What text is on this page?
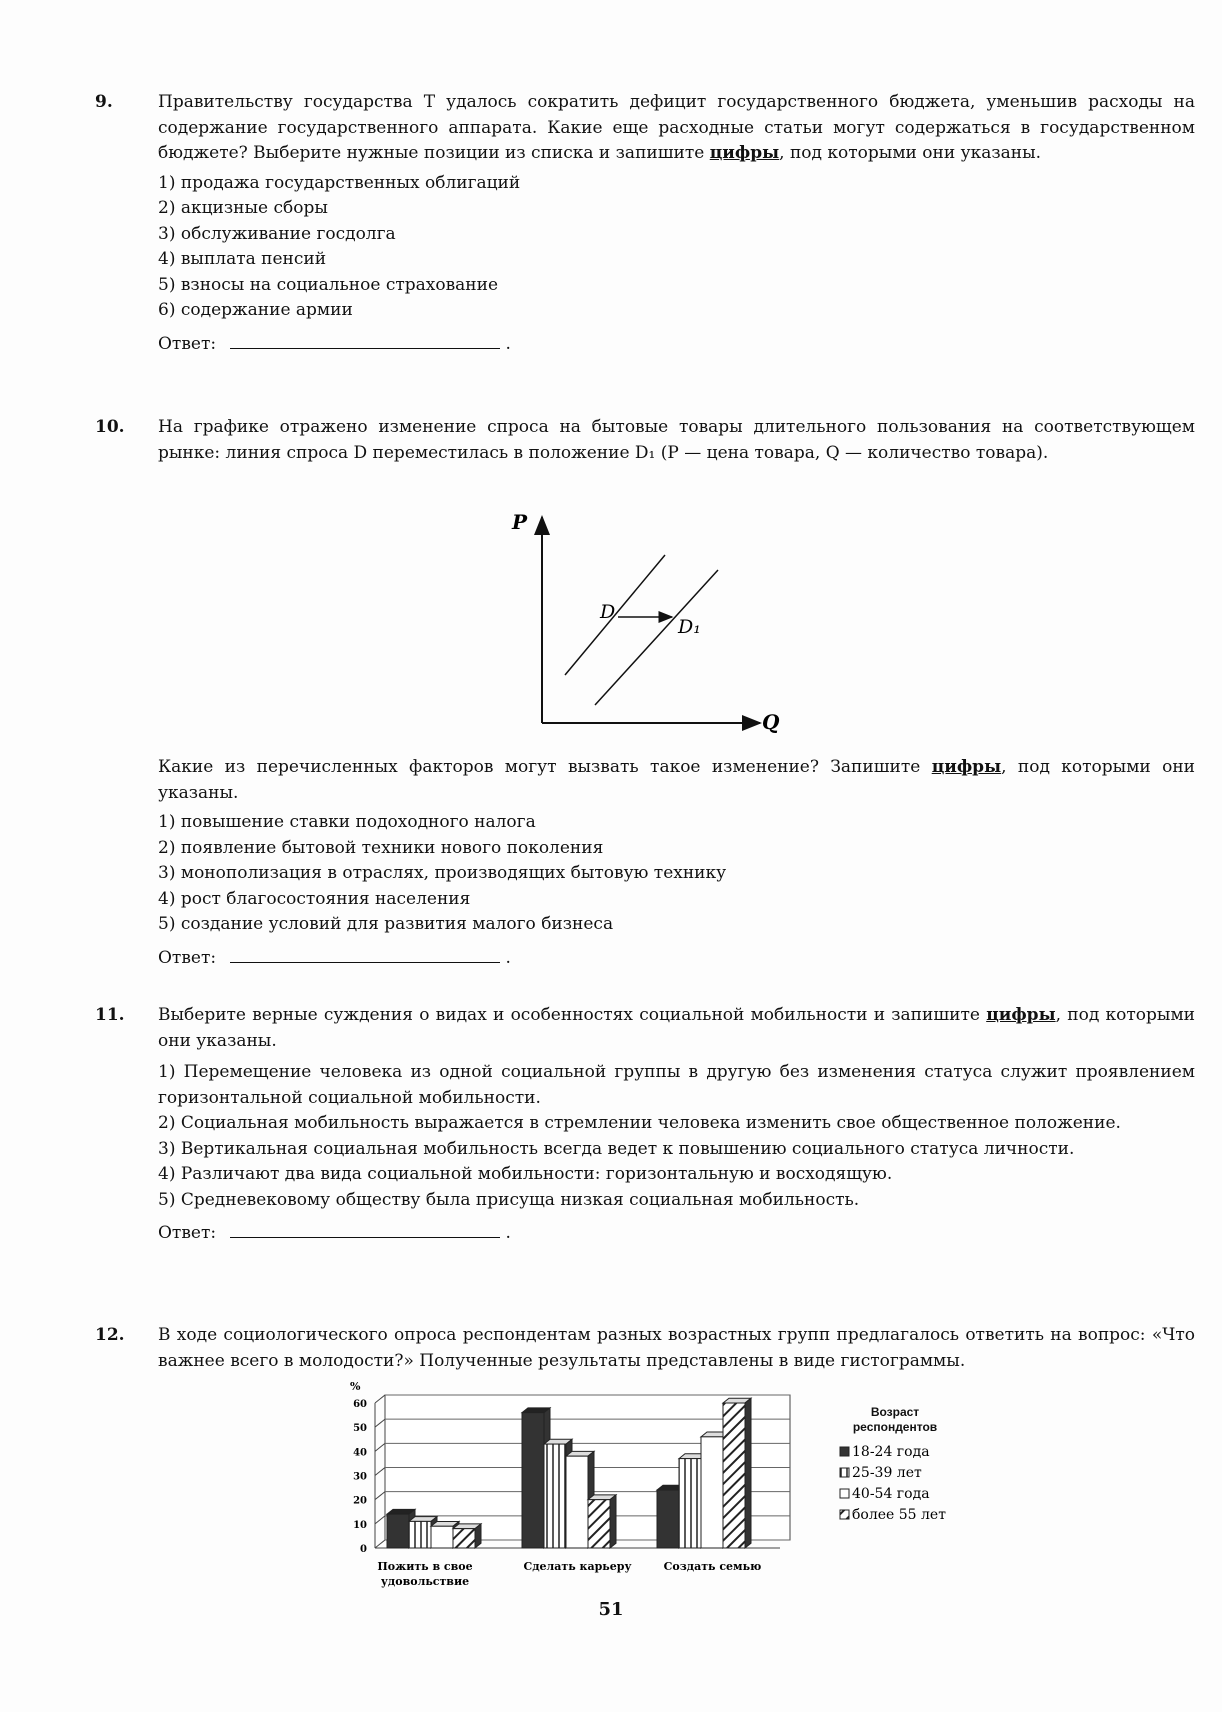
9.	Правительству государства Т удалось сократить дефицит государственного бюджета, уменьшив расходы на содержание государственного аппарата. Какие еще расходные статьи могут содержаться в государственном бюджете? Выберите нужные позиции из списка и запишите цифры, под которыми они указаны.
1) продажа государственных облигаций
2) акцизные сборы
3) обслуживание госдолга
4) выплата пенсий
5) взносы на социальное страхование
6) содержание армии
Ответ:	.
10. На графике отражено изменение спроса на бытовые товары длительного пользования на соответствующем рынке: линия спроса D переместилась в положение D₁ (P — цена товара, Q — количество товара).
P
Q
D
D₁
Какие из перечисленных факторов могут вызвать такое изменение? Запишите цифры, под которыми они указаны.
1) повышение ставки подоходного налога
2) появление бытовой техники нового поколения
3) монополизация в отраслях, производящих бытовую технику
4) рост благосостояния населения
5) создание условий для развития малого бизнеса
Ответ:	.
11. Выберите верные суждения о видах и особенностях социальной мобильности и запишите цифры, под которыми они указаны.
1) Перемещение человека из одной социальной группы в другую без изменения статуса служит проявлением горизонтальной социальной мобильности.
2) Социальная мобильность выражается в стремлении человека изменить свое общественное положение.
3) Вертикальная социальная мобильность всегда ведет к повышению социального статуса личности.
4) Различают два вида социальной мобильности: горизонтальную и восходящую.
5) Средневековому обществу была присуща низкая социальная мобильность.
Ответ:	.
12. В ходе социологического опроса респондентам разных возрастных групп предлагалось ответить на вопрос: «Что важнее всего в молодости?» Полученные результаты представлены в виде гистограммы.
%
0
10
20
30
40
50
60
Пожить в свое удовольствие
Сделать карьеру	Создать семью
18-24 года
25-39 лет
40-54 года
более 55 лет
Возраст респондентов
51
